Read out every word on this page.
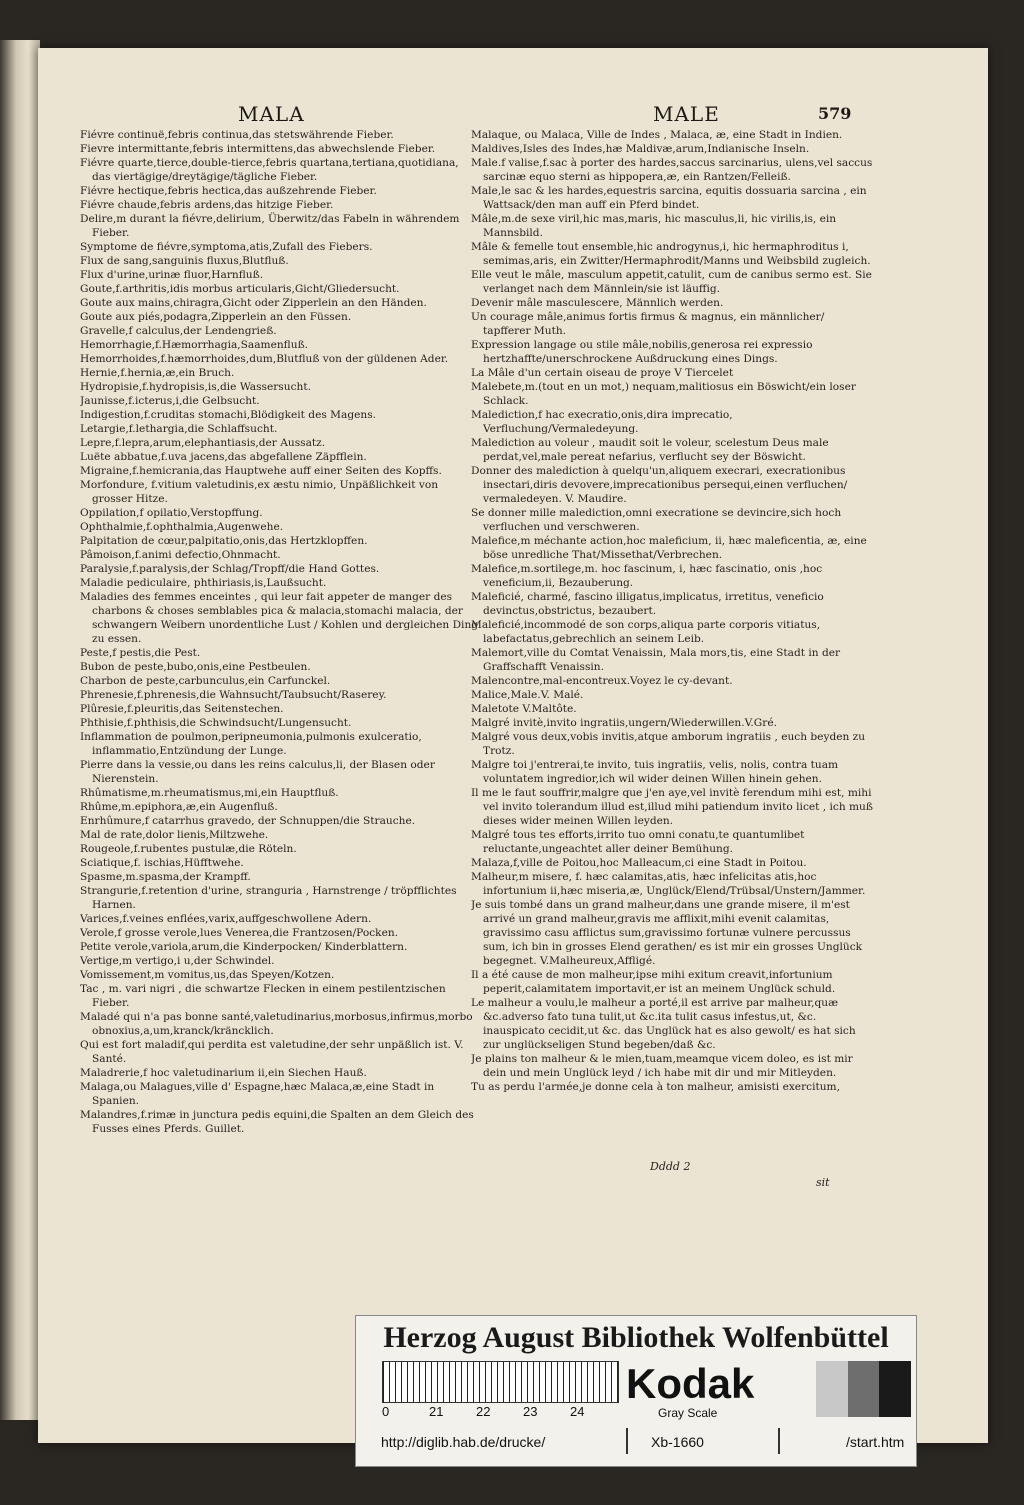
MALA	MALE	579

Fiévre continuë,febris continua,das stetswährende Fieber.

Fievre intermittante,febris intermittens,das abwechslende Fieber.

Fiévre quarte,tierce,double-tierce,febris quartana,tertiana,quotidiana, das viertägige/dreytägige/tägliche Fieber.

Fiévre hectique,febris hectica,das außzehrende Fieber.

Fiévre chaude,febris ardens,das hitzige Fieber.

Delire,m durant la fiévre,delirium, Überwitz/das Fabeln in währendem Fieber.

Symptome de fiévre,symptoma,atis,Zufall des Fiebers.

Flux de sang,sanguinis fluxus,Blutfluß.

Flux d'urine,urinæ fluor,Harnfluß.

Goute,f.arthritis,idis morbus articularis,Gicht/Gliedersucht.

Goute aux mains,chiragra,Gicht oder Zipperlein an den Händen.

Goute aux piés,podagra,Zipperlein an den Füssen.

Gravelle,f calculus,der Lendengrieß.

Hemorrhagie,f.Hæmorrhagia,Saamenfluß.

Hemorrhoides,f.hæmorrhoides,dum,Blutfluß von der güldenen Ader.

Hernie,f.hernia,æ,ein Bruch.

Hydropisie,f.hydropisis,is,die Wassersucht.

Jaunisse,f.icterus,i,die Gelbsucht.

Indigestion,f.cruditas stomachi,Blödigkeit des Magens.

Letargie,f.lethargia,die Schlaffsucht.

Lepre,f.lepra,arum,elephantiasis,der Aussatz.

Luëte abbatue,f.uva jacens,das abgefallene Zäpfflein.

Migraine,f.hemicrania,das Hauptwehe auff einer Seiten des Kopffs.

Morfondure, f.vitium valetudinis,ex æstu nimio, Unpäßlichkeit von grosser Hitze.

Oppilation,f opilatio,Verstopffung.

Ophthalmie,f.ophthalmia,Augenwehe.

Palpitation de cœur,palpitatio,onis,das Hertzklopffen.

Pâmoison,f.animi defectio,Ohnmacht.

Paralysie,f.paralysis,der Schlag/Tropff/die Hand Gottes.

Maladie pediculaire, phthiriasis,is,Laußsucht.

Maladies des femmes enceintes , qui leur fait appeter de manger des charbons & choses semblables pica & malacia,stomachi malacia, der schwangern Weibern unordentliche Lust / Kohlen und dergleichen Ding zu essen.

Peste,f pestis,die Pest.

Bubon de peste,bubo,onis,eine Pestbeulen.

Charbon de peste,carbunculus,ein Carfunckel.

Phrenesie,f.phrenesis,die Wahnsucht/Taubsucht/Raserey.

Plûresie,f.pleuritis,das Seitenstechen.

Phthisie,f.phthisis,die Schwindsucht/Lungensucht.

Inflammation de poulmon,peripneumonia,pulmonis exulceratio, inflammatio,Entzündung der Lunge.

Pierre dans la vessie,ou dans les reins calculus,li, der Blasen oder Nierenstein.

Rhûmatisme,m.rheumatismus,mi,ein Hauptfluß.

Rhûme,m.epiphora,æ,ein Augenfluß.

Enrhûmure,f catarrhus gravedo, der Schnuppen/die Strauche.

Mal de rate,dolor lienis,Miltzwehe.

Rougeole,f.rubentes pustulæ,die Röteln.

Sciatique,f. ischias,Hüfftwehe.

Spasme,m.spasma,der Krampff.

Strangurie,f.retention d'urine, stranguria , Harnstrenge / tröpfflichtes Harnen.

Varices,f.veines enflées,varix,auffgeschwollene Adern.

Verole,f grosse verole,lues Venerea,die Frantzosen/Pocken.

Petite verole,variola,arum,die Kinderpocken/ Kinderblattern.

Vertige,m vertigo,i u,der Schwindel.

Vomissement,m vomitus,us,das Speyen/Kotzen.

Tac , m. vari nigri , die schwartze Flecken in einem pestilentzischen Fieber.

Maladé qui n'a pas bonne santé,valetudinarius,morbosus,infirmus,morbo obnoxius,a,um,kranck/kräncklich.

Qui est fort maladif,qui perdita est valetudine,der sehr unpäßlich ist. V. Santé.

Maladrerie,f hoc valetudinarium ii,ein Siechen Hauß.

Malaga,ou Malagues,ville d' Espagne,hæc Malaca,æ,eine Stadt in Spanien.

Malandres,f.rimæ in junctura pedis equini,die Spalten an dem Gleich des Fusses eines Pferds. Guillet.

Malaque, ou Malaca, Ville de Indes , Malaca, æ, eine Stadt in Indien.

Maldives,Isles des Indes,hæ Maldivæ,arum,Indianische Inseln.

Male.f valise,f.sac à porter des hardes,saccus sarcinarius, ulens,vel saccus sarcinæ equo sterni as hippopera,æ, ein Rantzen/Felleiß.

Male,le sac & les hardes,equestris sarcina, equitis dossuaria sarcina , ein Wattsack/den man auff ein Pferd bindet.

Mâle,m.de sexe viril,hic mas,maris, hic masculus,li, hic virilis,is, ein Mannsbild.

Mâle & femelle tout ensemble,hic androgynus,i, hic hermaphroditus i, semimas,aris, ein Zwitter/Hermaphrodit/Manns und Weibsbild zugleich.

Elle veut le mâle, masculum appetit,catulit, cum de canibus sermo est. Sie verlanget nach dem Männlein/sie ist läuffig.

Devenir mâle masculescere, Männlich werden.

Un courage mâle,animus fortis firmus & magnus, ein männlicher/ tapfferer Muth.

Expression langage ou stile mâle,nobilis,generosa rei expressio hertzhaffte/unerschrockene Außdruckung eines Dings.

La Mâle d'un certain oiseau de proye V Tiercelet

Malebete,m.(tout en un mot,) nequam,malitiosus ein Böswicht/ein loser Schlack.

Malediction,f hac execratio,onis,dira imprecatio, Verfluchung/Vermaledeyung.

Malediction au voleur , maudit soit le voleur, scelestum Deus male perdat,vel,male pereat nefarius, verflucht sey der Böswicht.

Donner des malediction à quelqu'un,aliquem execrari, execrationibus insectari,diris devovere,imprecationibus persequi,einen verfluchen/ vermaledeyen. V. Maudire.

Se donner mille malediction,omni execratione se devincire,sich hoch verfluchen und verschweren.

Malefice,m méchante action,hoc maleficium, ii, hæc maleficentia, æ, eine böse unredliche That/Missethat/Verbrechen.

Malefice,m.sortilege,m. hoc fascinum, i, hæc fascinatio, onis ,hoc veneficium,ii, Bezauberung.

Maleficié, charmé, fascino illigatus,implicatus, irretitus, veneficio devinctus,obstrictus, bezaubert.

Maleficié,incommodé de son corps,aliqua parte corporis vitiatus, labefactatus,gebrechlich an seinem Leib.

Malemort,ville du Comtat Venaissin, Mala mors,tis, eine Stadt in der Graffschafft Venaissin.

Malencontre,mal-encontreux.Voyez le cy-devant.

Malice,Male.V. Malé.

Maletote V.Maltôte.

Malgré invitè,invito ingratiis,ungern/Wiederwillen.V.Gré.

Malgré vous deux,vobis invitis,atque amborum ingratiis , euch beyden zu Trotz.

Malgre toi j'entrerai,te invito, tuis ingratiis, velis, nolis, contra tuam voluntatem ingredior,ich wil wider deinen Willen hinein gehen.

Il me le faut souffrir,malgre que j'en aye,vel invitè ferendum mihi est, mihi vel invito tolerandum illud est,illud mihi patiendum invito licet , ich muß dieses wider meinen Willen leyden.

Malgré tous tes efforts,irrito tuo omni conatu,te quantumlibet reluctante,ungeachtet aller deiner Bemühung.

Malaza,f,ville de Poitou,hoc Malleacum,ci eine Stadt in Poitou.

Malheur,m misere, f. hæc calamitas,atis, hæc infelicitas atis,hoc infortunium ii,hæc miseria,æ, Unglück/Elend/Trübsal/Unstern/Jammer.

Je suis tombé dans un grand malheur,dans une grande misere, il m'est arrivé un grand malheur,gravis me afflixit,mihi evenit calamitas, gravissimo casu afflictus sum,gravissimo fortunæ vulnere percussus sum, ich bin in grosses Elend gerathen/ es ist mir ein grosses Unglück begegnet. V.Malheureux,Affligé.

Il a été cause de mon malheur,ipse mihi exitum creavit,infortunium peperit,calamitatem importavit,er ist an meinem Unglück schuld.

Le malheur a voulu,le malheur a porté,il est arrive par malheur,quæ &c.adverso fato tuna tulit,ut &c.ita tulit casus infestus,ut, &c. inauspicato cecidit,ut &c. das Unglück hat es also gewolt/ es hat sich zur unglückseligen Stund begeben/daß &c.

Je plains ton malheur & le mien,tuam,meamque vicem doleo, es ist mir dein und mein Unglück leyd / ich habe mit dir und mir Mitleyden.

Tu as perdu l'armée,je donne cela à ton malheur, amisisti exercitum,

Dddd 2
sit
Herzog August Bibliothek Wolfenbüttel
0	21	22	23	24
Kodak
Gray Scale
http://diglib.hab.de/drucke/	Xb-1660	/start.htm
